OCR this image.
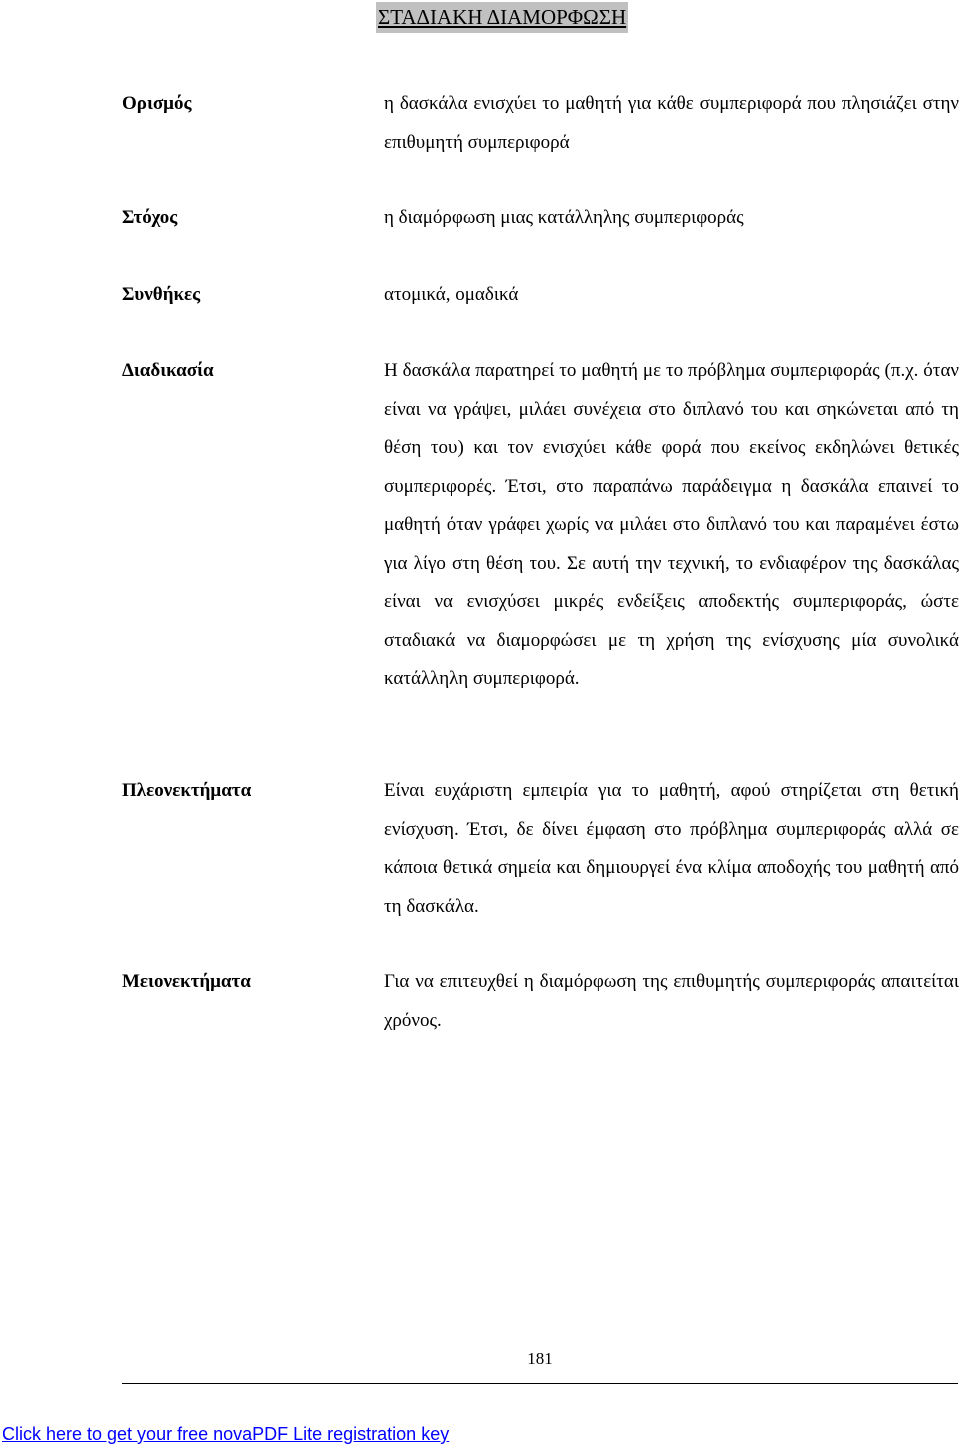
ΣΤΑΔΙΑΚΗ ΔΙΑΜΟΡΦΩΣΗ
Ορισμός	η δασκάλα ενισχύει το μαθητή για κάθε συμπεριφορά που πλησιάζει στην επιθυμητή συμπεριφορά
Στόχος	η διαμόρφωση μιας κατάλληλης συμπεριφοράς
Συνθήκες	ατομικά, ομαδικά
Διαδικασία	Η δασκάλα παρατηρεί το μαθητή με το πρόβλημα συμπεριφοράς (π.χ. όταν είναι να γράψει, μιλάει συνέχεια στο διπλανό του και σηκώνεται από τη θέση του) και τον ενισχύει κάθε φορά που εκείνος εκδηλώνει θετικές συμπεριφορές. Έτσι, στο παραπάνω παράδειγμα η δασκάλα επαινεί το μαθητή όταν γράφει χωρίς να μιλάει στο διπλανό του και παραμένει έστω για λίγο στη θέση του. Σε αυτή την τεχνική, το ενδιαφέρον της δασκάλας είναι να ενισχύσει μικρές ενδείξεις αποδεκτής συμπεριφοράς, ώστε σταδιακά να διαμορφώσει με τη χρήση της ενίσχυσης μία συνολικά κατάλληλη συμπεριφορά.
Πλεονεκτήματα	Είναι ευχάριστη εμπειρία για το μαθητή, αφού στηρίζεται στη θετική ενίσχυση. Έτσι, δε δίνει έμφαση στο πρόβλημα συμπεριφοράς αλλά σε κάποια θετικά σημεία και δημιουργεί ένα κλίμα αποδοχής του μαθητή από τη δασκάλα.
Μειονεκτήματα	Για να επιτευχθεί η διαμόρφωση της επιθυμητής συμπεριφοράς απαιτείται χρόνος.
181
Click here to get your free novaPDF Lite registration key
